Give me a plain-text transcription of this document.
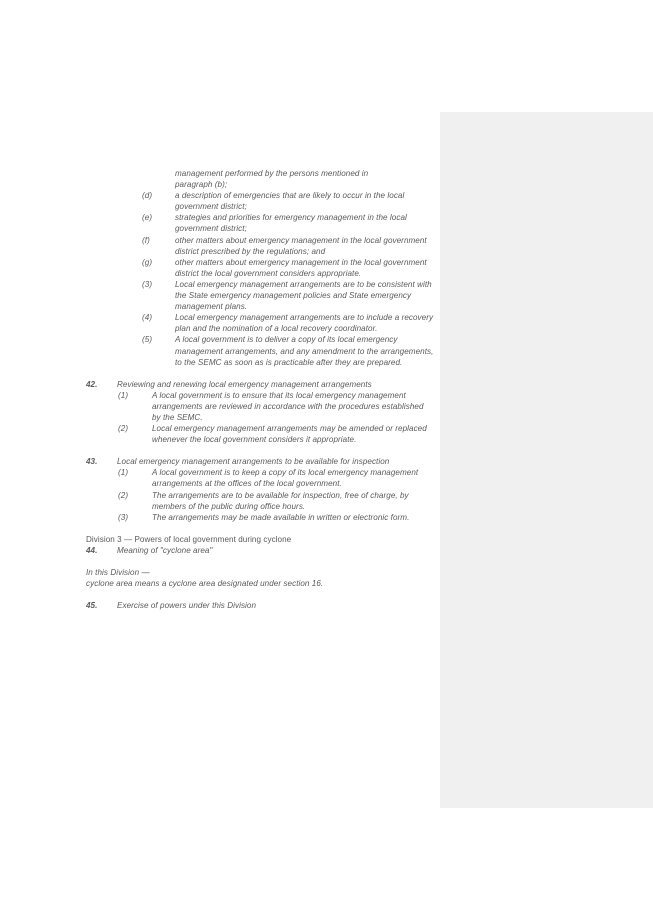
management performed by the persons mentioned in
paragraph (b);
(d)	a description of emergencies that are likely to occur in the local government district;
(e)	strategies and priorities for emergency management in the local government district;
(f)	other matters about emergency management in the local government district prescribed by the regulations; and
(g)	other matters about emergency management in the local government district the local government considers appropriate.
(3)	Local emergency management arrangements are to be consistent with the State emergency management policies and State emergency management plans.
(4)	Local emergency management arrangements are to include a recovery plan and the nomination of a local recovery coordinator.
(5)	A local government is to deliver a copy of its local emergency management arrangements, and any amendment to the arrangements, to the SEMC as soon as is practicable after they are prepared.
42.	Reviewing and renewing local emergency management arrangements
(1)	A local government is to ensure that its local emergency management arrangements are reviewed in accordance with the procedures established by the SEMC.
(2)	Local emergency management arrangements may be amended or replaced whenever the local government considers it appropriate.
43.	Local emergency management arrangements to be available for inspection
(1)	A local government is to keep a copy of its local emergency management arrangements at the offices of the local government.
(2)	The arrangements are to be available for inspection, free of charge, by members of the public during office hours.
(3)	The arrangements may be made available in written or electronic form.
Division 3 — Powers of local government during cyclone
44.	Meaning of "cyclone area"
In this Division —
cyclone area means a cyclone area designated under section 16.
45.	Exercise of powers under this Division
